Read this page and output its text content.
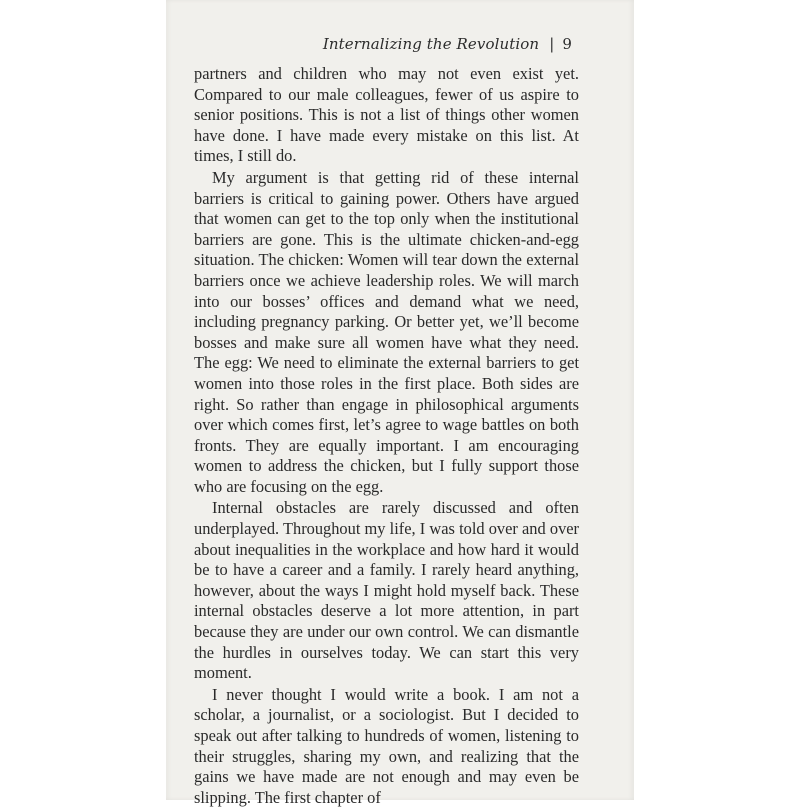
Internalizing the Revolution | 9

partners and children who may not even exist yet. Compared to our male colleagues, fewer of us aspire to senior positions. This is not a list of things other women have done. I have made every mistake on this list. At times, I still do.

My argument is that getting rid of these internal barriers is critical to gaining power. Others have argued that women can get to the top only when the institutional barriers are gone. This is the ultimate chicken-and-egg situation. The chicken: Women will tear down the external barriers once we achieve leadership roles. We will march into our bosses’ offices and demand what we need, including pregnancy parking. Or better yet, we’ll become bosses and make sure all women have what they need. The egg: We need to eliminate the external barriers to get women into those roles in the first place. Both sides are right. So rather than engage in philosophical arguments over which comes first, let’s agree to wage battles on both fronts. They are equally important. I am encouraging women to address the chicken, but I fully support those who are focusing on the egg.

Internal obstacles are rarely discussed and often underplayed. Throughout my life, I was told over and over about inequalities in the workplace and how hard it would be to have a career and a family. I rarely heard anything, however, about the ways I might hold myself back. These internal obstacles deserve a lot more attention, in part because they are under our own control. We can dismantle the hurdles in ourselves today. We can start this very moment.

I never thought I would write a book. I am not a scholar, a journalist, or a sociologist. But I decided to speak out after talking to hundreds of women, listening to their struggles, sharing my own, and realizing that the gains we have made are not enough and may even be slipping. The first chapter of
